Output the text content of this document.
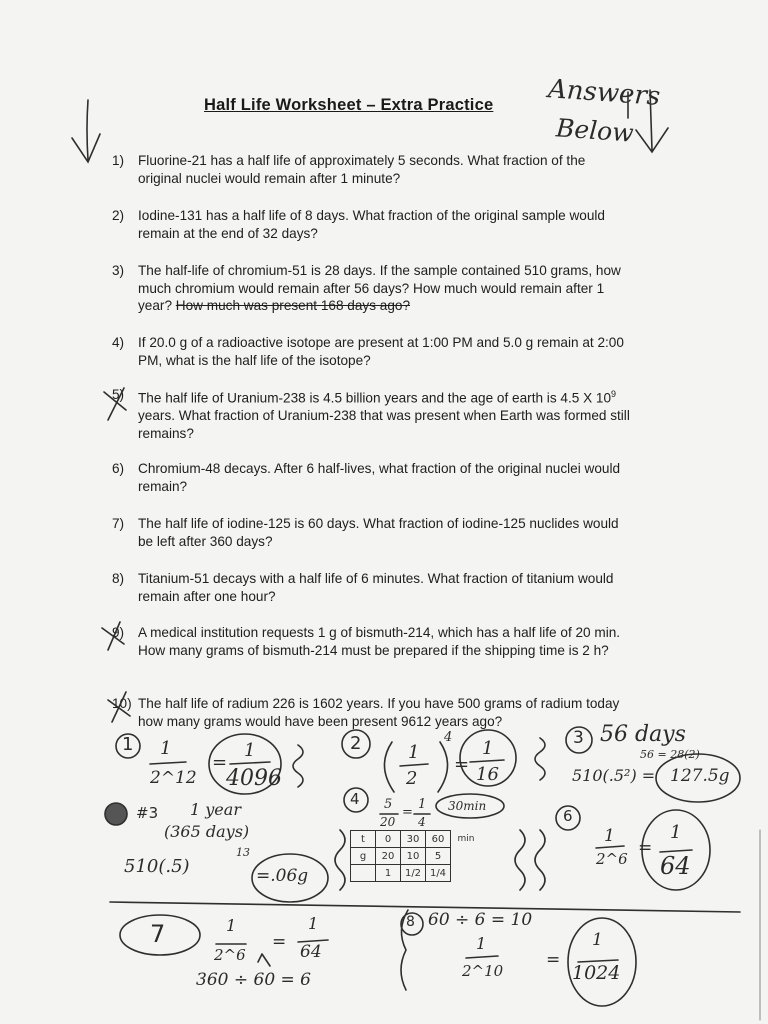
Half Life Worksheet – Extra Practice Answers
Below
1) Fluorine-21 has a half life of approximately 5 seconds. What fraction of the original nuclei would remain after 1 minute?
2) Iodine-131 has a half life of 8 days. What fraction of the original sample would remain at the end of 32 days?
3) The half-life of chromium-51 is 28 days. If the sample contained 510 grams, how much chromium would remain after 56 days? How much would remain after 1 year? How much was present 168 days ago?
4) If 20.0 g of a radioactive isotope are present at 1:00 PM and 5.0 g remain at 2:00 PM, what is the half life of the isotope?
5) The half life of Uranium-238 is 4.5 billion years and the age of earth is 4.5 X $10^9$ years. What fraction of Uranium-238 that was present when Earth was formed still remains?
6) Chromium-48 decays. After 6 half-lives, what fraction of the original nuclei would remain?
7) The half life of iodine-125 is 60 days. What fraction of iodine-125 nuclides would be left after 360 days?
8) Titanium-51 decays with a half life of 6 minutes. What fraction of titanium would remain after one hour?
9) A medical institution requests 1 g of bismuth-214, which has a half life of 20 min. How many grams of bismuth-214 must be prepared if the shipping time is 2 h?
10) The half life of radium 226 is 1602 years. If you have 500 grams of radium today how many grams would have been present 9612 years ago?
1 1
2^12
=
1
4096
2	1
2
4
=
1
16
3 56 days
56 = 28(2)
510(.5²) = 127.5g
#3 1 year
(365 days)
510(.5)
13
=.06g
4 5
20
=
1
4
30min
t	0	30	60	min
g	20	10	5	
	1	1/2	1/4	
6
1
2^6
=
1
64
7	1
2^6
=
1
64
360 ÷ 60 = 6
8 60 ÷ 6 = 10
1
2^10
=
1
1024
